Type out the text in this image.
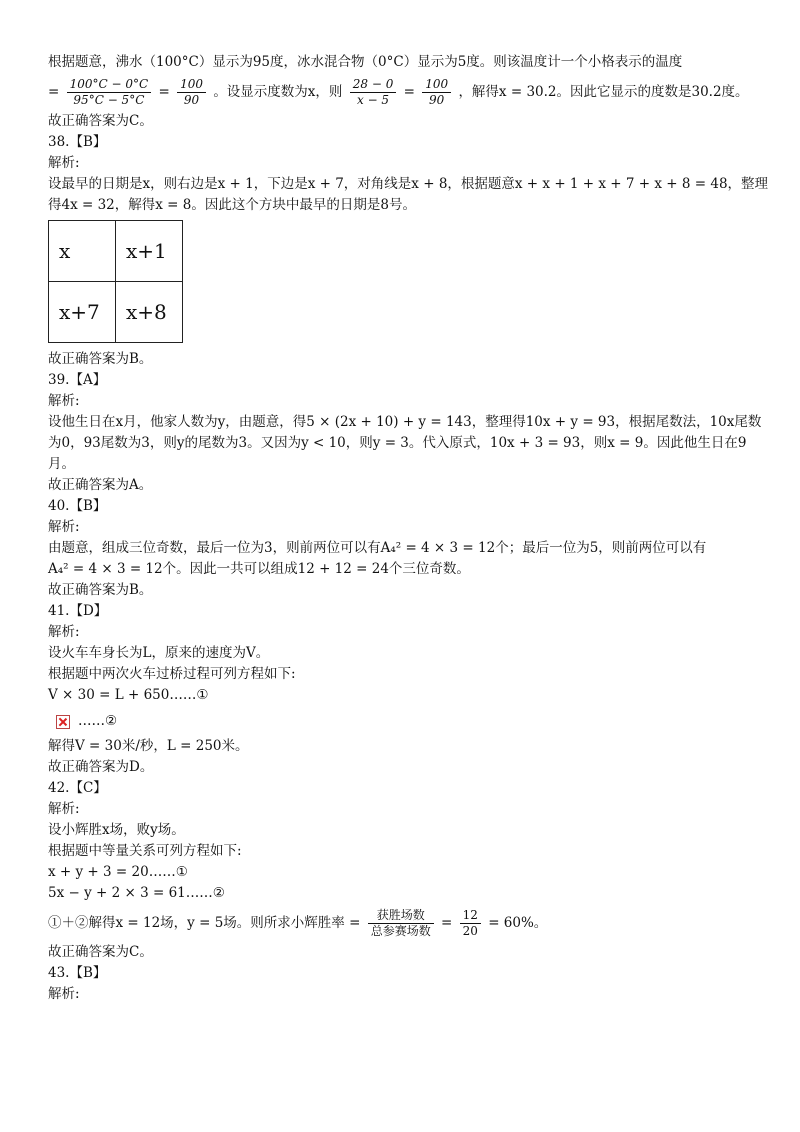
根据题意，沸水（100°C）显示为95度，冰水混合物（0°C）显示为5度。则该温度计一个小格表示的温度
= $\frac{100^\circ C - 0^\circ C}{95^\circ C - 5^\circ C} = \frac{100}{90}$ 。设显示度数为x，则 $\frac{28 - 0}{x - 5} = \frac{100}{90}$ ，解得x = 30.2。因此它显示的度数是30.2度。
故正确答案为C。
38.【B】
解析:
设最早的日期是x，则右边是x + 1，下边是x + 7，对角线是x + 8，根据题意x + x + 1 + x + 7 + x + 8 = 48，整理
得4x = 32，解得x = 8。因此这个方块中最早的日期是8号。
x	x+1
x+7	x+8
故正确答案为B。
39.【A】
解析:
设他生日在x月，他家人数为y，由题意，得5 × (2x + 10) + y = 143，整理得10x + y = 93，根据尾数法，10x尾数
为0，93尾数为3，则y的尾数为3。又因为y < 10，则y = 3。代入原式，10x + 3 = 93，则x = 9。因此他生日在9
月。
故正确答案为A。
40.【B】
解析:
由题意，组成三位奇数，最后一位为3，则前两位可以有A₄² = 4 × 3 = 12个；最后一位为5，则前两位可以有
A₄² = 4 × 3 = 12个。因此一共可以组成12 + 12 = 24个三位奇数。
故正确答案为B。
41.【D】
解析:
设火车车身长为L，原来的速度为V。
根据题中两次火车过桥过程可列方程如下:
V × 30 = L + 650……①
……②
解得V = 30米/秒，L = 250米。
故正确答案为D。
42.【C】
解析:
设小辉胜x场，败y场。
根据题中等量关系可列方程如下:
x + y + 3 = 20……①
5x − y + 2 × 3 = 61……②
①＋②解得x = 12场，y = 5场。则所求小辉胜率 = $\frac{\text{获胜场数}}{\text{总参赛场数}} = \frac{12}{20} = 60\%$。
故正确答案为C。
43.【B】
解析:
